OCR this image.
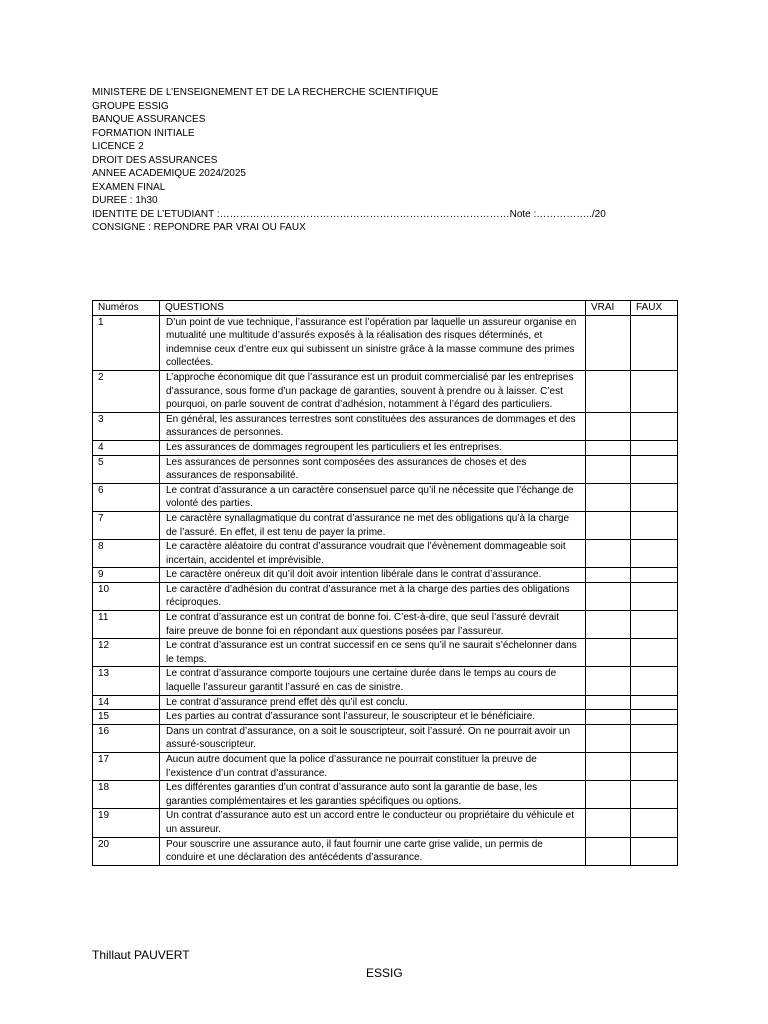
MINISTERE DE L’ENSEIGNEMENT ET DE LA RECHERCHE SCIENTIFIQUE
GROUPE ESSIG
BANQUE ASSURANCES
FORMATION INITIALE
LICENCE 2
DROIT DES ASSURANCES
ANNEE ACADEMIQUE 2024/2025
EXAMEN FINAL
DUREE : 1h30
IDENTITE DE L’ETUDIANT :……………………………………………………………………………Note :……………../20
CONSIGNE : REPONDRE PAR VRAI OU FAUX
Numéros	QUESTIONS	VRAI	FAUX
1	D’un point de vue technique, l’assurance est l’opération par laquelle un assureur organise en mutualité une multitude d’assurés exposés à la réalisation des risques déterminés, et indemnise ceux d’entre eux qui subissent un sinistre grâce à la masse commune des primes collectées.		
2	L’approche économique dit que l’assurance est un produit commercialisé par les entreprises d’assurance, sous forme d’un package de garanties, souvent à prendre ou à laisser. C’est pourquoi, on parle souvent de contrat d’adhésion, notamment à l’égard des particuliers.		
3	En général, les assurances terrestres sont constituées des assurances de dommages et des assurances de personnes.		
4	Les assurances de dommages regroupent les particuliers et les entreprises.		
5	Les assurances de personnes sont composées des assurances de choses et des assurances de responsabilité.		
6	Le contrat d’assurance a un caractère consensuel parce qu’il ne nécessite que l’échange de volonté des parties.		
7	Le caractère synallagmatique du contrat d’assurance ne met des obligations qu’à la charge de l’assuré. En effet, il est tenu de payer la prime.		
8	Le caractère aléatoire du contrat d’assurance voudrait que l’évènement dommageable soit incertain, accidentel et imprévisible.		
9	Le caractère onéreux dit qu’il doit avoir intention libérale dans le contrat d’assurance.		
10	Le caractère d’adhésion du contrat d’assurance met à la charge des parties des obligations réciproques.		
11	Le contrat d’assurance est un contrat de bonne foi. C’est-à-dire, que seul l’assuré devrait faire preuve de bonne foi en répondant aux questions posées par l’assureur.		
12	Le contrat d’assurance est un contrat successif en ce sens qu’il ne saurait s’échelonner dans le temps.		
13	Le contrat d’assurance comporte toujours une certaine durée dans le temps au cours de laquelle l’assureur garantit l’assuré en cas de sinistre.		
14	Le contrat d’assurance prend effet dès qu’il est conclu.		
15	Les parties au contrat d’assurance sont l’assureur, le souscripteur et le bénéficiaire.		
16	Dans un contrat d’assurance, on a soit le souscripteur, soit l’assuré. On ne pourrait avoir un assuré-souscripteur.		
17	Aucun autre document que la police d’assurance ne pourrait constituer la preuve de l’existence d’un contrat d’assurance.		
18	Les différentes garanties d’un contrat d’assurance auto sont la garantie de base, les garanties complémentaires et les garanties spécifiques ou options.		
19	Un contrat d’assurance auto est un accord entre le conducteur ou propriétaire du véhicule et un assureur.		
20	Pour souscrire une assurance auto, il faut fournir une carte grise valide, un permis de conduire et une déclaration des antécédents d’assurance.		
Thillaut PAUVERT
ESSIG
